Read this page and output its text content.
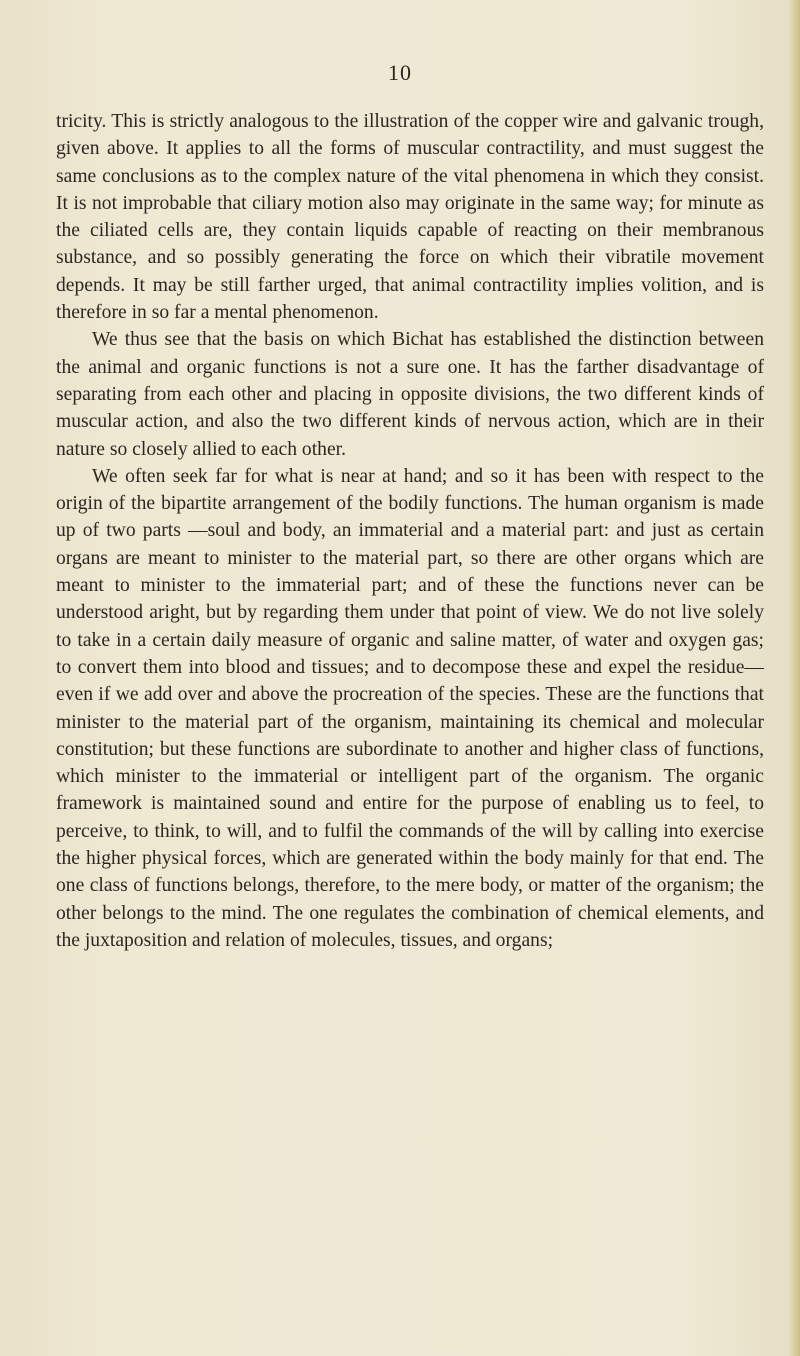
10

tricity. This is strictly analogous to the illustration of the copper wire and galvanic trough, given above. It applies to all the forms of muscular contractility, and must suggest the same conclusions as to the complex nature of the vital phenomena in which they consist. It is not improbable that ciliary motion also may originate in the same way; for minute as the ciliated cells are, they contain liquids capable of reacting on their membranous substance, and so possibly generating the force on which their vibratile movement depends. It may be still farther urged, that animal contractility implies volition, and is therefore in so far a mental phenomenon.

We thus see that the basis on which Bichat has established the distinction between the animal and organic functions is not a sure one. It has the farther disadvantage of separating from each other and placing in opposite divisions, the two different kinds of muscular action, and also the two different kinds of nervous action, which are in their nature so closely allied to each other.

We often seek far for what is near at hand; and so it has been with respect to the origin of the bipartite arrangement of the bodily functions. The human organism is made up of two parts —soul and body, an immaterial and a material part: and just as certain organs are meant to minister to the material part, so there are other organs which are meant to minister to the immaterial part; and of these the functions never can be understood aright, but by regarding them under that point of view. We do not live solely to take in a certain daily measure of organic and saline matter, of water and oxygen gas; to convert them into blood and tissues; and to decompose these and expel the residue—even if we add over and above the procreation of the species. These are the functions that minister to the material part of the organism, maintaining its chemical and molecular constitution; but these functions are subordinate to another and higher class of functions, which minister to the immaterial or intelligent part of the organism. The organic framework is maintained sound and entire for the purpose of enabling us to feel, to perceive, to think, to will, and to fulfil the commands of the will by calling into exercise the higher physical forces, which are generated within the body mainly for that end. The one class of functions belongs, therefore, to the mere body, or matter of the organism; the other belongs to the mind. The one regulates the combination of chemical elements, and the juxtaposition and relation of molecules, tissues, and organs;
